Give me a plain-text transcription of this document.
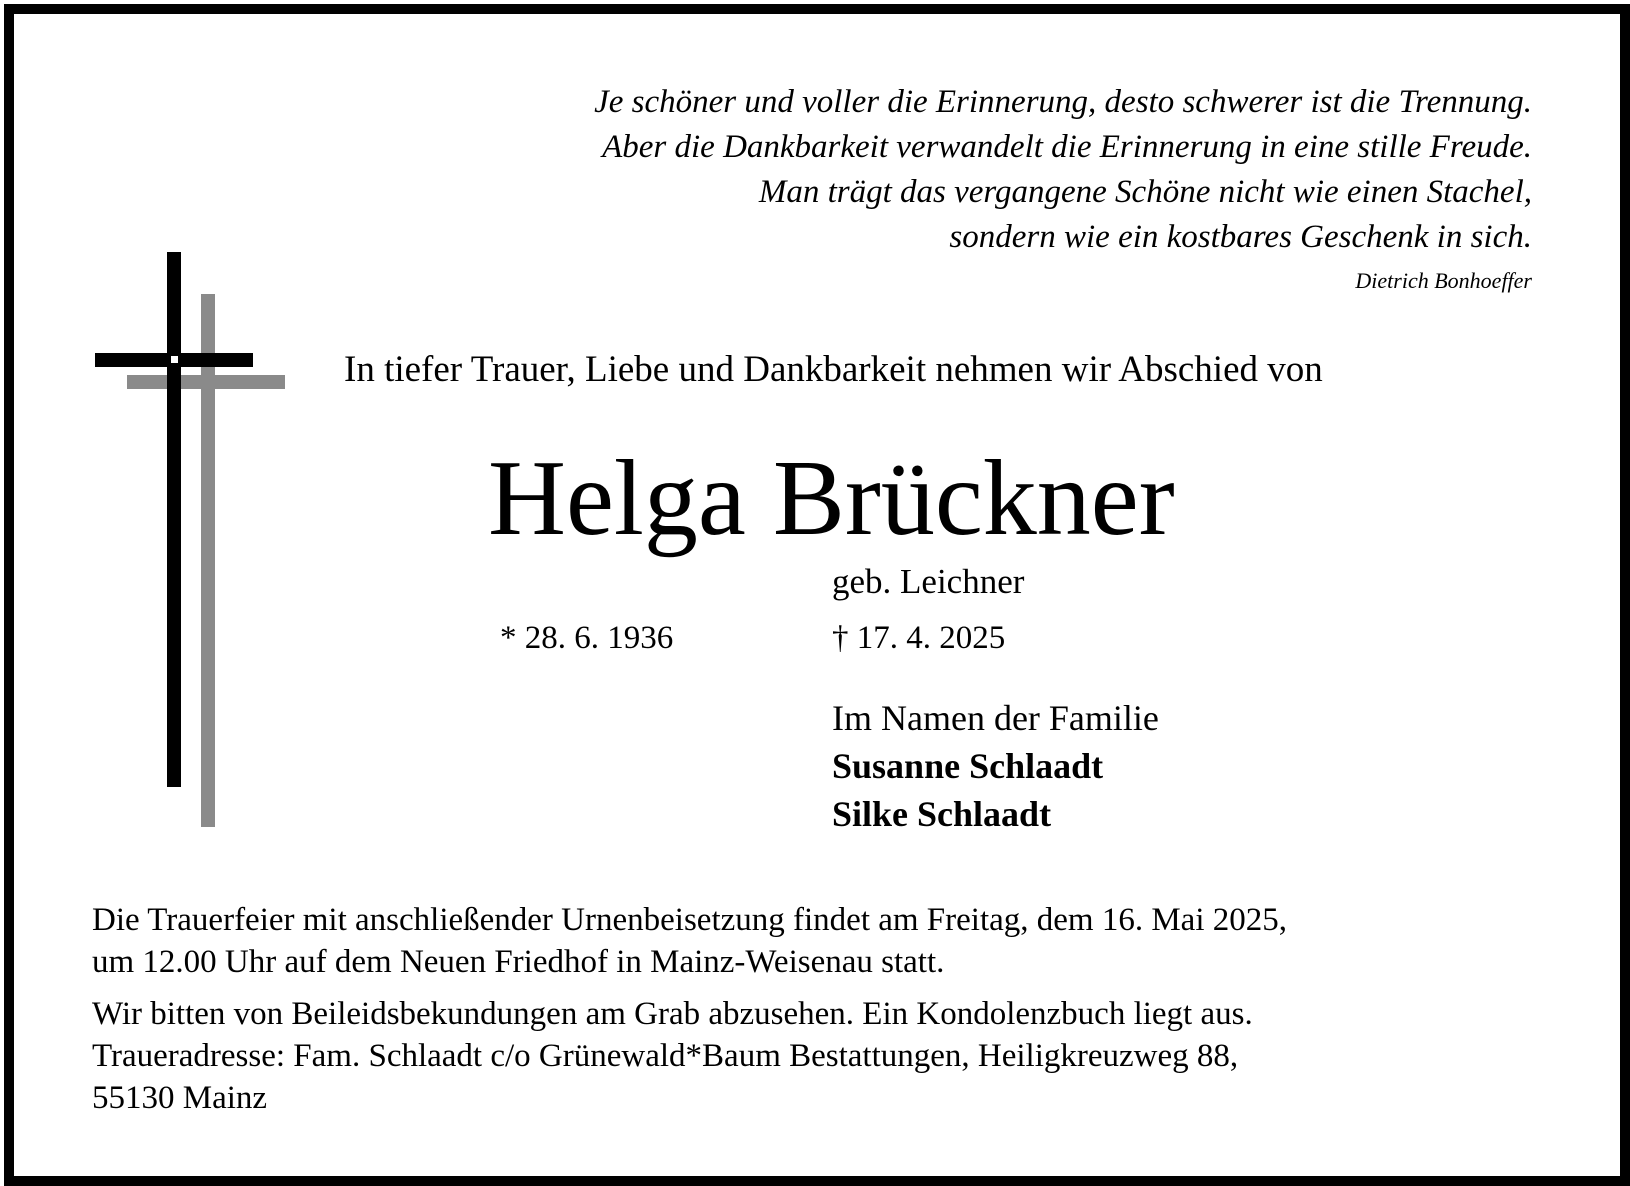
Je schöner und voller die Erinnerung, desto schwerer ist die Trennung.
Aber die Dankbarkeit verwandelt die Erinnerung in eine stille Freude.
Man trägt das vergangene Schöne nicht wie einen Stachel,
sondern wie ein kostbares Geschenk in sich.
Dietrich Bonhoeffer
In tiefer Trauer, Liebe und Dankbarkeit nehmen wir Abschied von
Helga Brückner
geb. Leichner
* 28. 6. 1936	† 17. 4. 2025
Im Namen der Familie
Susanne Schlaadt
Silke Schlaadt

Die Trauerfeier mit anschließender Urnenbeisetzung findet am Freitag, dem 16. Mai 2025,
um 12.00 Uhr auf dem Neuen Friedhof in Mainz-Weisenau statt.

Wir bitten von Beileidsbekundungen am Grab abzusehen. Ein Kondolenzbuch liegt aus.
Traueradresse: Fam. Schlaadt c/o Grünewald*Baum Bestattungen, Heiligkreuzweg 88,
55130 Mainz
